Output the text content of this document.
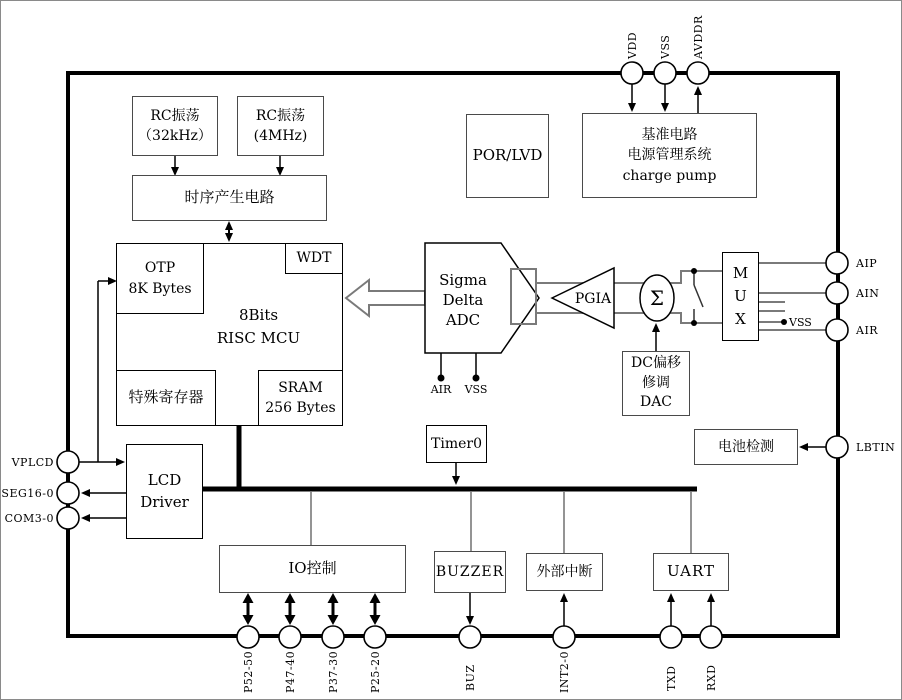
Sigma
Delta
ADC
PGIA Σ
AIR VSS
VSS
VDD VSS AVDDR
VPLCD
SEG16-0
COM3-0
AIP
AIN
AIR
LBTIN
P52-50	P47-40	P37-30	P25-20	BUZ	INT2-0	TXD RXD
RC振荡
（32kHz）
RC振荡
(4MHz)
时序产生电路
POR/LVD
基准电路
电源管理系统
charge pump
8Bits
RISC MCU
OTP
8K Bytes
WDT
特殊寄存器
SRAM
256 Bytes
M
U
X
DC偏移
修调
DAC
电池检测
Timer0
LCD
Driver
IO控制	BUZZER 外部中断	UART
